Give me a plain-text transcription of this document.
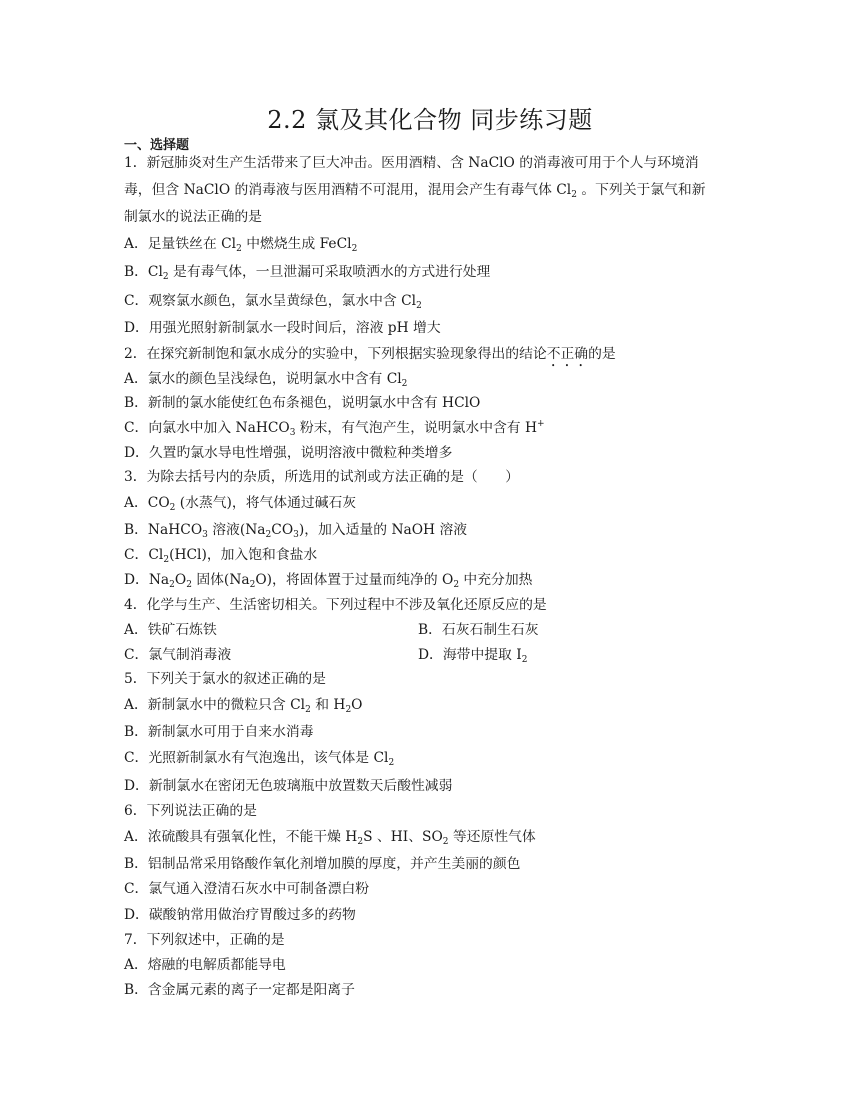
2.2 氯及其化合物 同步练习题
一、选择题
1．新冠肺炎对生产生活带来了巨大冲击。医用酒精、含 NaClO 的消毒液可用于个人与环境消
毒，但含 NaClO 的消毒液与医用酒精不可混用，混用会产生有毒气体 $Cl_2$ 。下列关于氯气和新
制氯水的说法正确的是
A．足量铁丝在 $Cl_2$ 中燃烧生成 FeCl$_2$
B．$Cl_2$ 是有毒气体，一旦泄漏可采取喷洒水的方式进行处理
C．观察氯水颜色，氯水呈黄绿色，氯水中含 $Cl_2$
D．用强光照射新制氯水一段时间后，溶液 pH 增大
2．在探究新制饱和氯水成分的实验中，下列根据实验现象得出的结论不正确的是
A．氯水的颜色呈浅绿色，说明氯水中含有 $Cl_2$
B．新制的氯水能使红色布条褪色，说明氯水中含有 HClO
C．向氯水中加入 NaHCO$_3$ 粉末，有气泡产生，说明氯水中含有 H+
D．久置旳氯水导电性增强，说明溶液中微粒种类增多
3．为除去括号内的杂质，所选用的试剂或方法正确的是（　　）
A．$CO_2$ (水蒸气)，将气体通过碱石灰
B．NaHCO$_3$ 溶液$(Na_2CO_3)$，加入适量的 NaOH 溶液
C．$Cl_2(HCl)$，加入饱和食盐水
D．$Na_2O_2$ 固体$(Na_2O)$，将固体置于过量而纯净的 $O_2$ 中充分加热
4．化学与生产、生活密切相关。下列过程中不涉及氧化还原反应的是
A．铁矿石炼铁	B．石灰石制生石灰
C．氯气制消毒液	D．海带中提取 $I_2$
5．下列关于氯水的叙述正确的是
A．新制氯水中的微粒只含 $Cl_2$ 和 $H_2O$
B．新制氯水可用于自来水消毒
C．光照新制氯水有气泡逸出，该气体是 $Cl_2$
D．新制氯水在密闭无色玻璃瓶中放置数天后酸性减弱
6．下列说法正确的是
A．浓硫酸具有强氧化性，不能干燥 $H_2S$ 、HI、$SO_2$ 等还原性气体
B．铝制品常采用铬酸作氧化剂增加膜的厚度，并产生美丽的颜色
C．氯气通入澄清石灰水中可制备漂白粉
D．碳酸钠常用做治疗胃酸过多的药物
7．下列叙述中，正确的是
A．熔融的电解质都能导电
B．含金属元素的离子一定都是阳离子
